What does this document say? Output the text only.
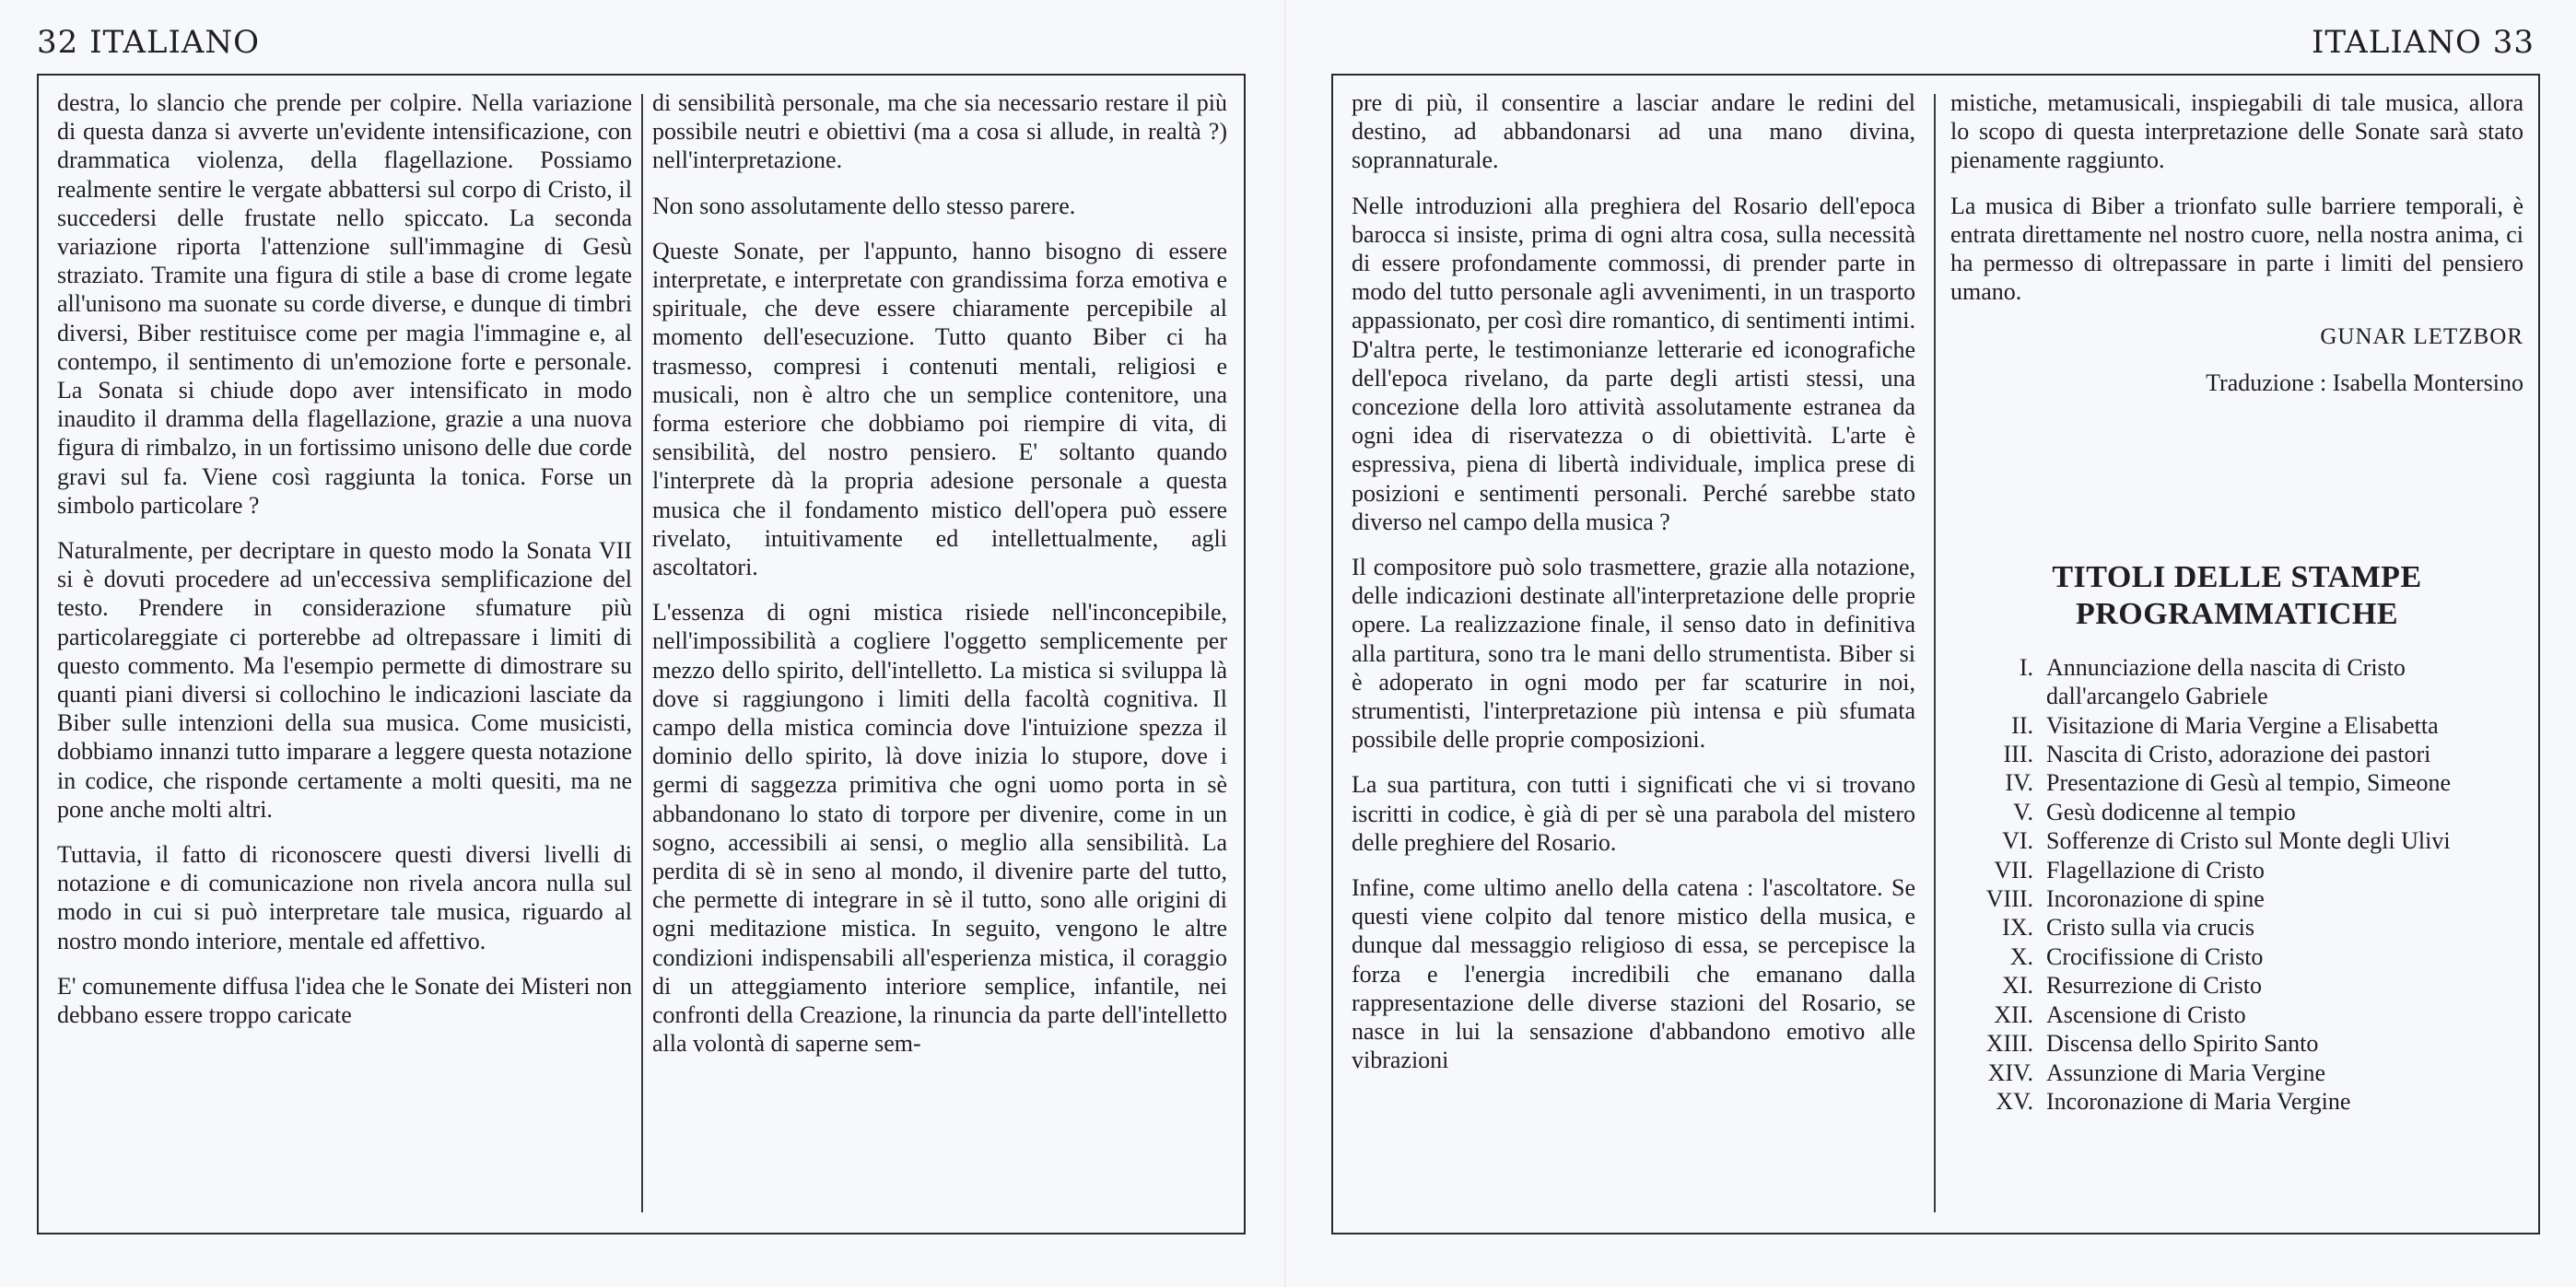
32 ITALIANO

destra, lo slancio che prende per colpire. Nella variazione di questa danza si avverte un'evidente intensificazione, con drammatica violenza, della flagellazione. Possiamo realmente sentire le vergate abbattersi sul corpo di Cristo, il succedersi delle frustate nello spiccato. La seconda variazione riporta l'attenzione sull'immagine di Gesù straziato. Tramite una figura di stile a base di crome legate all'unisono ma suonate su corde diverse, e dunque di timbri diversi, Biber restituisce come per magia l'immagine e, al contempo, il sentimento di un'emozione forte e personale. La Sonata si chiude dopo aver intensificato in modo inaudito il dramma della flagellazione, grazie a una nuova figura di rimbalzo, in un fortissimo unisono delle due corde gravi sul fa. Viene così raggiunta la tonica. Forse un simbolo particolare ?

Naturalmente, per decriptare in questo modo la Sonata VII si è dovuti procedere ad un'eccessiva semplificazione del testo. Prendere in considerazione sfumature più particolareggiate ci porterebbe ad oltrepassare i limiti di questo commento. Ma l'esempio permette di dimostrare su quanti piani diversi si collochino le indicazioni lasciate da Biber sulle intenzioni della sua musica. Come musicisti, dobbiamo innanzi tutto imparare a leggere questa notazione in codice, che risponde certamente a molti quesiti, ma ne pone anche molti altri.

Tuttavia, il fatto di riconoscere questi diversi livelli di notazione e di comunicazione non rivela ancora nulla sul modo in cui si può interpretare tale musica, riguardo al nostro mondo interiore, mentale ed affettivo.

E' comunemente diffusa l'idea che le Sonate dei Misteri non debbano essere troppo caricate

di sensibilità personale, ma che sia necessario restare il più possibile neutri e obiettivi (ma a cosa si allude, in realtà ?) nell'interpretazione.

Non sono assolutamente dello stesso parere.

Queste Sonate, per l'appunto, hanno bisogno di essere interpretate, e interpretate con grandissima forza emotiva e spirituale, che deve essere chiaramente percepibile al momento dell'esecuzione. Tutto quanto Biber ci ha trasmesso, compresi i contenuti mentali, religiosi e musicali, non è altro che un semplice contenitore, una forma esteriore che dobbiamo poi riempire di vita, di sensibilità, del nostro pensiero. E' soltanto quando l'interprete dà la propria adesione personale a questa musica che il fondamento mistico dell'opera può essere rivelato, intuitivamente ed intellettualmente, agli ascoltatori.

L'essenza di ogni mistica risiede nell'inconcepibile, nell'impossibilità a cogliere l'oggetto semplicemente per mezzo dello spirito, dell'intelletto. La mistica si sviluppa là dove si raggiungono i limiti della facoltà cognitiva. Il campo della mistica comincia dove l'intuizione spezza il dominio dello spirito, là dove inizia lo stupore, dove i germi di saggezza primitiva che ogni uomo porta in sè abbandonano lo stato di torpore per divenire, come in un sogno, accessibili ai sensi, o meglio alla sensibilità. La perdita di sè in seno al mondo, il divenire parte del tutto, che permette di integrare in sè il tutto, sono alle origini di ogni meditazione mistica. In seguito, vengono le altre condizioni indispensabili all'esperienza mistica, il coraggio di un atteggiamento interiore semplice, infantile, nei confronti della Creazione, la rinuncia da parte dell'intelletto alla volontà di saperne sem-

ITALIANO 33

pre di più, il consentire a lasciar andare le redini del destino, ad abbandonarsi ad una mano divina, soprannaturale.

Nelle introduzioni alla preghiera del Rosario dell'epoca barocca si insiste, prima di ogni altra cosa, sulla necessità di essere profondamente commossi, di prender parte in modo del tutto personale agli avvenimenti, in un trasporto appassionato, per così dire romantico, di sentimenti intimi. D'altra perte, le testimonianze letterarie ed iconografiche dell'epoca rivelano, da parte degli artisti stessi, una concezione della loro attività assolutamente estranea da ogni idea di riservatezza o di obiettività. L'arte è espressiva, piena di libertà individuale, implica prese di posizioni e sentimenti personali. Perché sarebbe stato diverso nel campo della musica ?

Il compositore può solo trasmettere, grazie alla notazione, delle indicazioni destinate all'interpretazione delle proprie opere. La realizzazione finale, il senso dato in definitiva alla partitura, sono tra le mani dello strumentista. Biber si è adoperato in ogni modo per far scaturire in noi, strumentisti, l'interpretazione più intensa e più sfumata possibile delle proprie composizioni.

La sua partitura, con tutti i significati che vi si trovano iscritti in codice, è già di per sè una parabola del mistero delle preghiere del Rosario.

Infine, come ultimo anello della catena : l'ascoltatore. Se questi viene colpito dal tenore mistico della musica, e dunque dal messaggio religioso di essa, se percepisce la forza e l'energia incredibili che emanano dalla rappresentazione delle diverse stazioni del Rosario, se nasce in lui la sensazione d'abbandono emotivo alle vibrazioni

mistiche, metamusicali, inspiegabili di tale musica, allora lo scopo di questa interpretazione delle Sonate sarà stato pienamente raggiunto.

La musica di Biber a trionfato sulle barriere temporali, è entrata direttamente nel nostro cuore, nella nostra anima, ci ha permesso di oltrepassare in parte i limiti del pensiero umano.

GUNAR LETZBOR

Traduzione : Isabella Montersino

TITOLI DELLE STAMPE
PROGRAMMATICHE
I. Annunciazione della nascita di Cristo
dall'arcangelo Gabriele
II. Visitazione di Maria Vergine a Elisabetta
III. Nascita di Cristo, adorazione dei pastori
IV. Presentazione di Gesù al tempio, Simeone
V. Gesù dodicenne al tempio
VI. Sofferenze di Cristo sul Monte degli Ulivi
VII. Flagellazione di Cristo
VIII. Incoronazione di spine
IX. Cristo sulla via crucis
X. Crocifissione di Cristo
XI. Resurrezione di Cristo
XII. Ascensione di Cristo
XIII. Discensa dello Spirito Santo
XIV. Assunzione di Maria Vergine
XV. Incoronazione di Maria Vergine
